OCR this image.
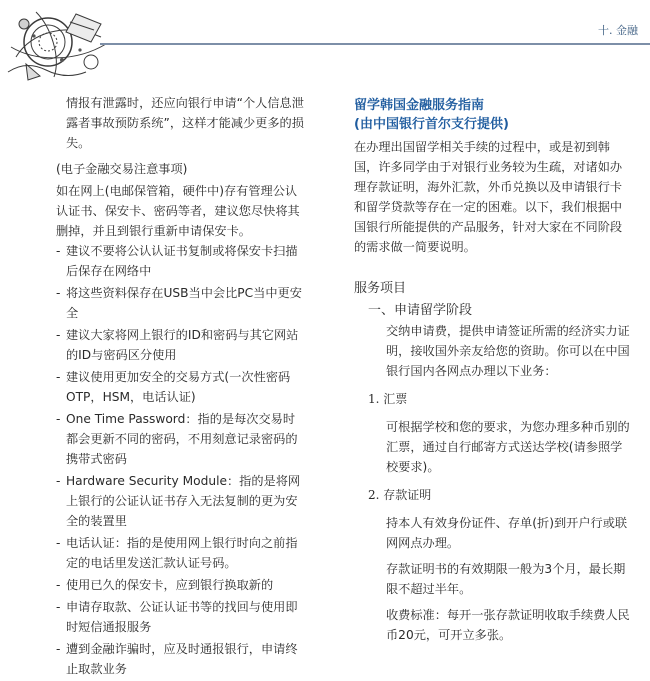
十. 金融

情报有泄露时，还应向银行申请“个人信息泄露者事故预防系统”，这样才能减少更多的损失。

(电子金融交易注意事项)

如在网上(电邮保管箱，硬件中)存有管理公认认证书、保安卡、密码等者，建议您尽快将其删掉，并且到银行重新申请保安卡。

- 建议不要将公认认证书复制或将保安卡扫描后保存在网络中
- 将这些资料保存在USB当中会比PC当中更安全
- 建议大家将网上银行的ID和密码与其它网站的ID与密码区分使用
- 建议使用更加安全的交易方式(一次性密码OTP，HSM，电话认证)
- One Time Password：指的是每次交易时都会更新不同的密码，不用刻意记录密码的携带式密码
- Hardware Security Module：指的是将网上银行的公证认证书存入无法复制的更为安全的装置里
- 电话认证：指的是使用网上银行时向之前指定的电话里发送汇款认证号码。
- 使用已久的保安卡，应到银行换取新的
- 申请存取款、公证认证书等的找回与使用即时短信通报服务
- 遭到金融诈骗时，应及时通报银行，申请终止取款业务

留学韩国金融服务指南

(由中国银行首尔支行提供)

在办理出国留学相关手续的过程中，或是初到韩国，许多同学由于对银行业务较为生疏，对诸如办理存款证明，海外汇款，外币兑换以及申请银行卡和留学贷款等存在一定的困难。以下，我们根据中国银行所能提供的产品服务，针对大家在不同阶段的需求做一简要说明。

服务项目
一、申请留学阶段

交纳申请费，提供申请签证所需的经济实力证明，接收国外亲友给您的资助。你可以在中国银行国内各网点办理以下业务：

1. 汇票

可根据学校和您的要求，为您办理多种币别的汇票，通过自行邮寄方式送达学校(请参照学校要求)。

2. 存款证明

持本人有效身份证件、存单(折)到开户行或联网网点办理。

存款证明书的有效期限一般为3个月，最长期限不超过半年。

收费标准：每开一张存款证明收取手续费人民币20元，可开立多张。
